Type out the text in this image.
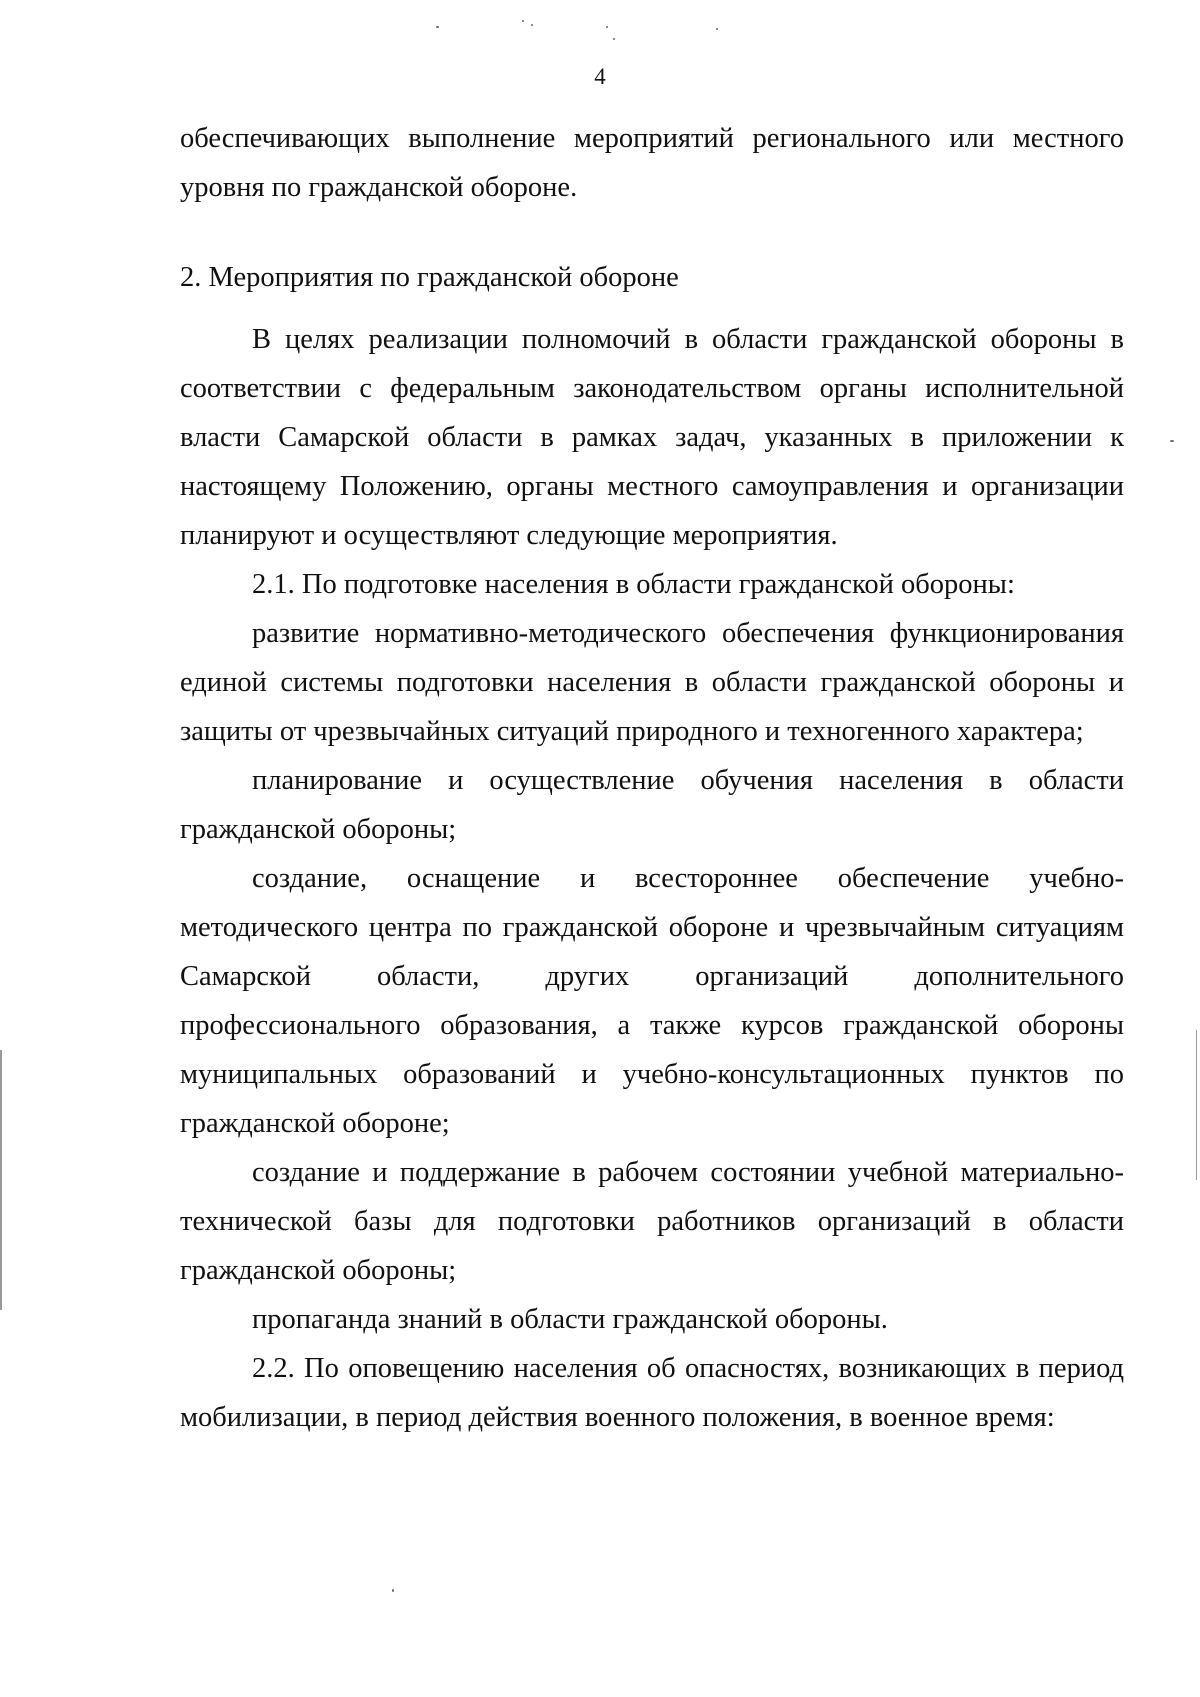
4

обеспечивающих выполнение мероприятий регионального или местного уровня по гражданской обороне.

2. Мероприятия по гражданской обороне

В целях реализации полномочий в области гражданской обороны в соответствии с федеральным законодательством органы исполнительной власти Самарской области в рамках задач, указанных в приложении к настоящему Положению, органы местного самоуправления и организации планируют и осуществляют следующие мероприятия.

2.1. По подготовке населения в области гражданской обороны:

развитие нормативно-методического обеспечения функционирования единой системы подготовки населения в области гражданской обороны и защиты от чрезвычайных ситуаций природного и техногенного характера;

планирование и осуществление обучения населения в области гражданской обороны;

создание, оснащение и всестороннее обеспечение учебно-методического центра по гражданской обороне и чрезвычайным ситуациям Самарской области, других организаций дополнительного профессионального образования, а также курсов гражданской обороны муниципальных образований и учебно-консультационных пунктов по гражданской обороне;

создание и поддержание в рабочем состоянии учебной материально-технической базы для подготовки работников организаций в области гражданской обороны;

пропаганда знаний в области гражданской обороны.

2.2. По оповещению населения об опасностях, возникающих в период мобилизации, в период действия военного положения, в военное время:
